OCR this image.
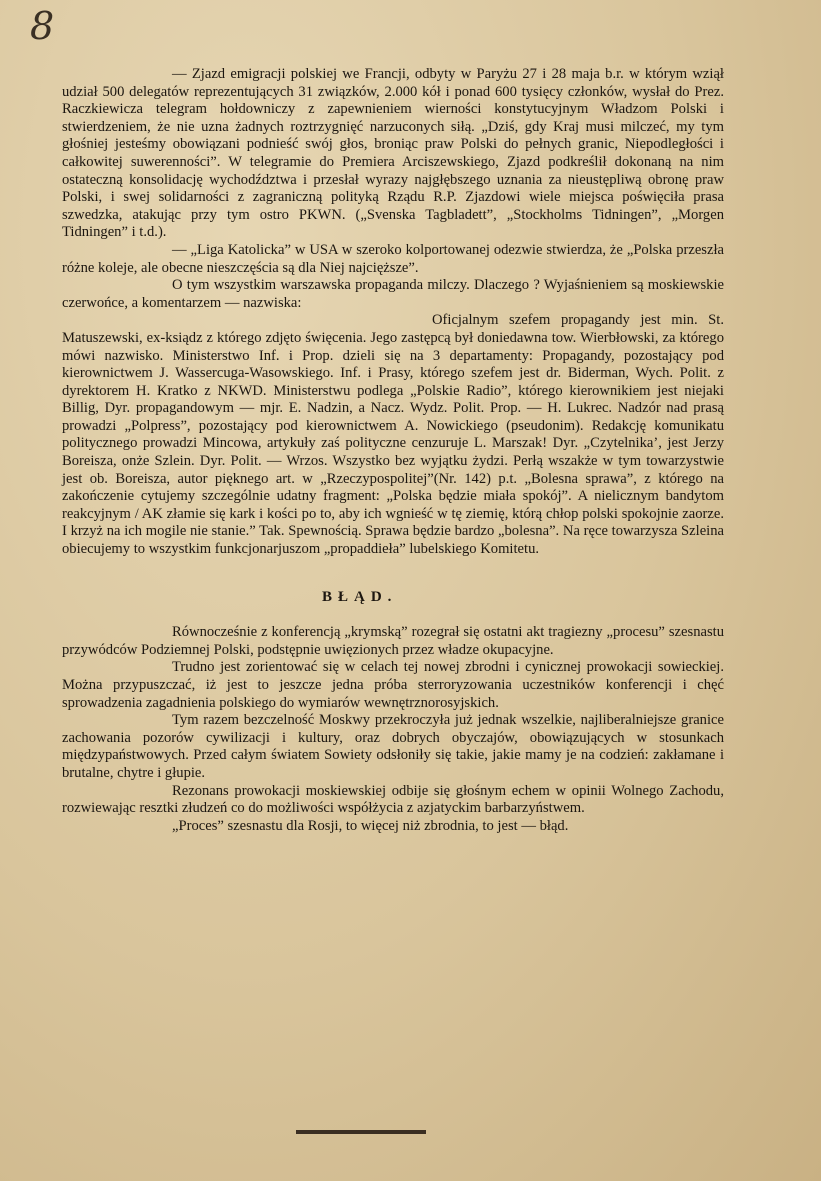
8

— Zjazd emigracji polskiej we Francji, odbyty w Paryżu 27 i 28 maja b.r. w którym wziął udział 500 delegatów reprezentujących 31 związków, 2.000 kół i ponad 600 tysięcy członków, wysłał do Prez. Raczkiewicza telegram hołdowniczy z zapewnieniem wierności konstytucyjnym Władzom Polski i stwierdzeniem, że nie uzna żadnych roztrzygnięć narzuconych siłą. „Dziś, gdy Kraj musi milczeć, my tym głośniej jesteśmy obowiązani podnieść swój głos, broniąc praw Polski do pełnych granic, Niepodległości i całkowitej suwerenności”. W telegramie do Premiera Arciszewskiego, Zjazd podkreślił dokonaną na nim ostateczną konsolidację wychodźdztwa i przesłał wyrazy najgłębszego uznania za nieustępliwą obronę praw Polski, i swej solidarności z zagraniczną polityką Rządu R.P. Zjazdowi wiele miejsca poświęciła prasa szwedzka, atakując przy tym ostro PKWN. („Svenska Tagbladett”, „Stockholms Tidningen”, „Morgen Tidningen” i t.d.).

— „Liga Katolicka” w USA w szeroko kolportowanej odezwie stwierdza, że „Polska przeszła różne koleje, ale obecne nieszczęścia są dla Niej najcięższe”.

O tym wszystkim warszawska propaganda milczy. Dlaczego ? Wyjaśnieniem są moskiewskie czerwońce, a komentarzem — nazwiska:

Oficjalnym szefem propagandy jest min. St. Matuszewski, ex-ksiądz z którego zdjęto święcenia. Jego zastępcą był doniedawna tow. Wierbłowski, za którego mówi nazwisko. Ministerstwo Inf. i Prop. dzieli się na 3 departamenty: Propagandy, pozostający pod kierownictwem J. Wassercuga-Wasowskiego. Inf. i Prasy, którego szefem jest dr. Biderman, Wych. Polit. z dyrektorem H. Kratko z NKWD. Ministerstwu podlega „Polskie Radio”, którego kierownikiem jest niejaki Billig, Dyr. propagandowym — mjr. E. Nadzin, a Nacz. Wydz. Polit. Prop. — H. Lukrec. Nadzór nad prasą prowadzi „Polpress”, pozostający pod kierownictwem A. Nowickiego (pseudonim). Redakcję komunikatu politycznego prowadzi Mincowa, artykuły zaś polityczne cenzuruje L. Marszak! Dyr. „Czytelnika’, jest Jerzy Boreisza, onże Szlein. Dyr. Polit. — Wrzos. Wszystko bez wyjątku żydzi. Perłą wszakże w tym towarzystwie jest ob. Boreisza, autor pięknego art. w „Rzeczypospolitej”(Nr. 142) p.t. „Bolesna sprawa”, z którego na zakończenie cytujemy szczególnie udatny fragment: „Polska będzie miała spokój”. A nielicznym bandytom reakcyjnym / AK złamie się kark i kości po to, aby ich wgnieść w tę ziemię, którą chłop polski spokojnie zaorze. I krzyż na ich mogile nie stanie.” Tak. Spewnością. Sprawa będzie bardzo „bolesna”. Na ręce towarzysza Szleina obiecujemy to wszystkim funkcjonarjuszom „propaddieła” lubelskiego Komitetu.

BŁĄD.

Równocześnie z konferencją „krymską” rozegrał się ostatni akt tragiezny „procesu” szesnastu przywódców Podziemnej Polski, podstępnie uwięzionych przez władze okupacyjne.

Trudno jest zorientować się w celach tej nowej zbrodni i cynicznej prowokacji sowieckiej. Można przypuszczać, iż jest to jeszcze jedna próba sterroryzowania uczestników konferencji i chęć sprowadzenia zagadnienia polskiego do wymiarów wewnętrznorosyjskich.

Tym razem bezczelność Moskwy przekroczyła już jednak wszelkie, najliberalniejsze granice zachowania pozorów cywilizacji i kultury, oraz dobrych obyczajów, obowiązujących w stosunkach międzypaństwowych. Przed całym światem Sowiety odsłoniły się takie, jakie mamy je na codzień: zakłamane i brutalne, chytre i głupie.

Rezonans prowokacji moskiewskiej odbije się głośnym echem w opinii Wolnego Zachodu, rozwiewając resztki złudzeń co do możliwości współżycia z azjatyckim barbarzyństwem.

„Proces” szesnastu dla Rosji, to więcej niż zbrodnia, to jest — błąd.
